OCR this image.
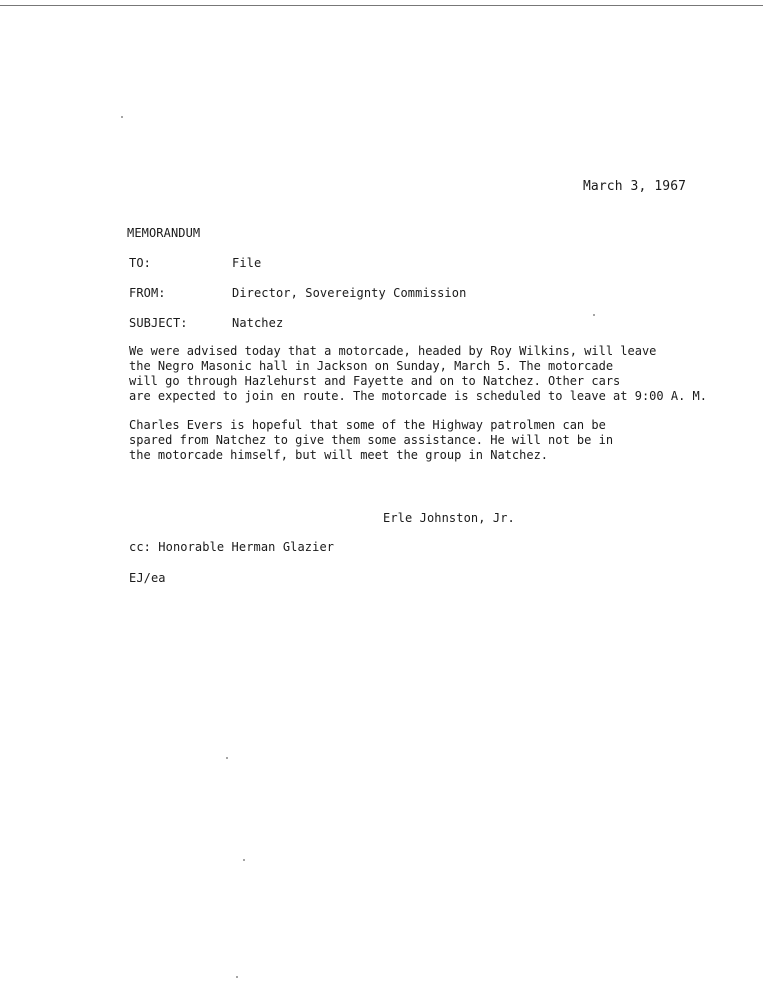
March 3, 1967
MEMORANDUM
TO:	File
FROM:	Director, Sovereignty Commission
SUBJECT:	Natchez
We were advised today that a motorcade, headed by Roy Wilkins, will leave
the Negro Masonic hall in Jackson on Sunday, March 5. The motorcade
will go through Hazlehurst and Fayette and on to Natchez. Other cars
are expected to join en route. The motorcade is scheduled to leave at 9:00 A. M.
Charles Evers is hopeful that some of the Highway patrolmen can be
spared from Natchez to give them some assistance. He will not be in
the motorcade himself, but will meet the group in Natchez.
Erle Johnston, Jr.
cc: Honorable Herman Glazier
EJ/ea
